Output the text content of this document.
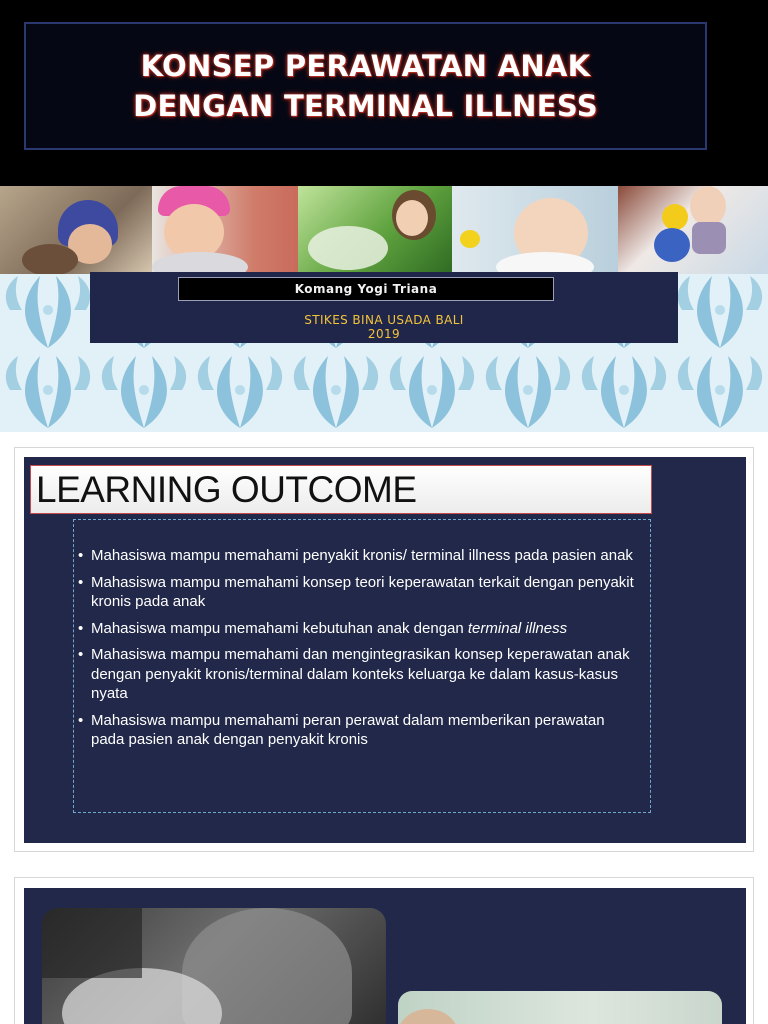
KONSEP PERAWATAN ANAK
DENGAN TERMINAL ILLNESS
Komang Yogi Triana
STIKES BINA USADA BALI
2019
LEARNING OUTCOME
• Mahasiswa mampu memahami penyakit kronis/ terminal illness pada pasien anak
• Mahasiswa mampu memahami konsep teori keperawatan terkait dengan penyakit kronis pada anak
• Mahasiswa mampu memahami kebutuhan anak dengan terminal illness
• Mahasiswa mampu memahami dan mengintegrasikan konsep keperawatan anak dengan penyakit kronis/terminal dalam konteks keluarga ke dalam kasus-kasus nyata
• Mahasiswa mampu memahami peran perawat dalam memberikan perawatan pada pasien anak dengan penyakit kronis
